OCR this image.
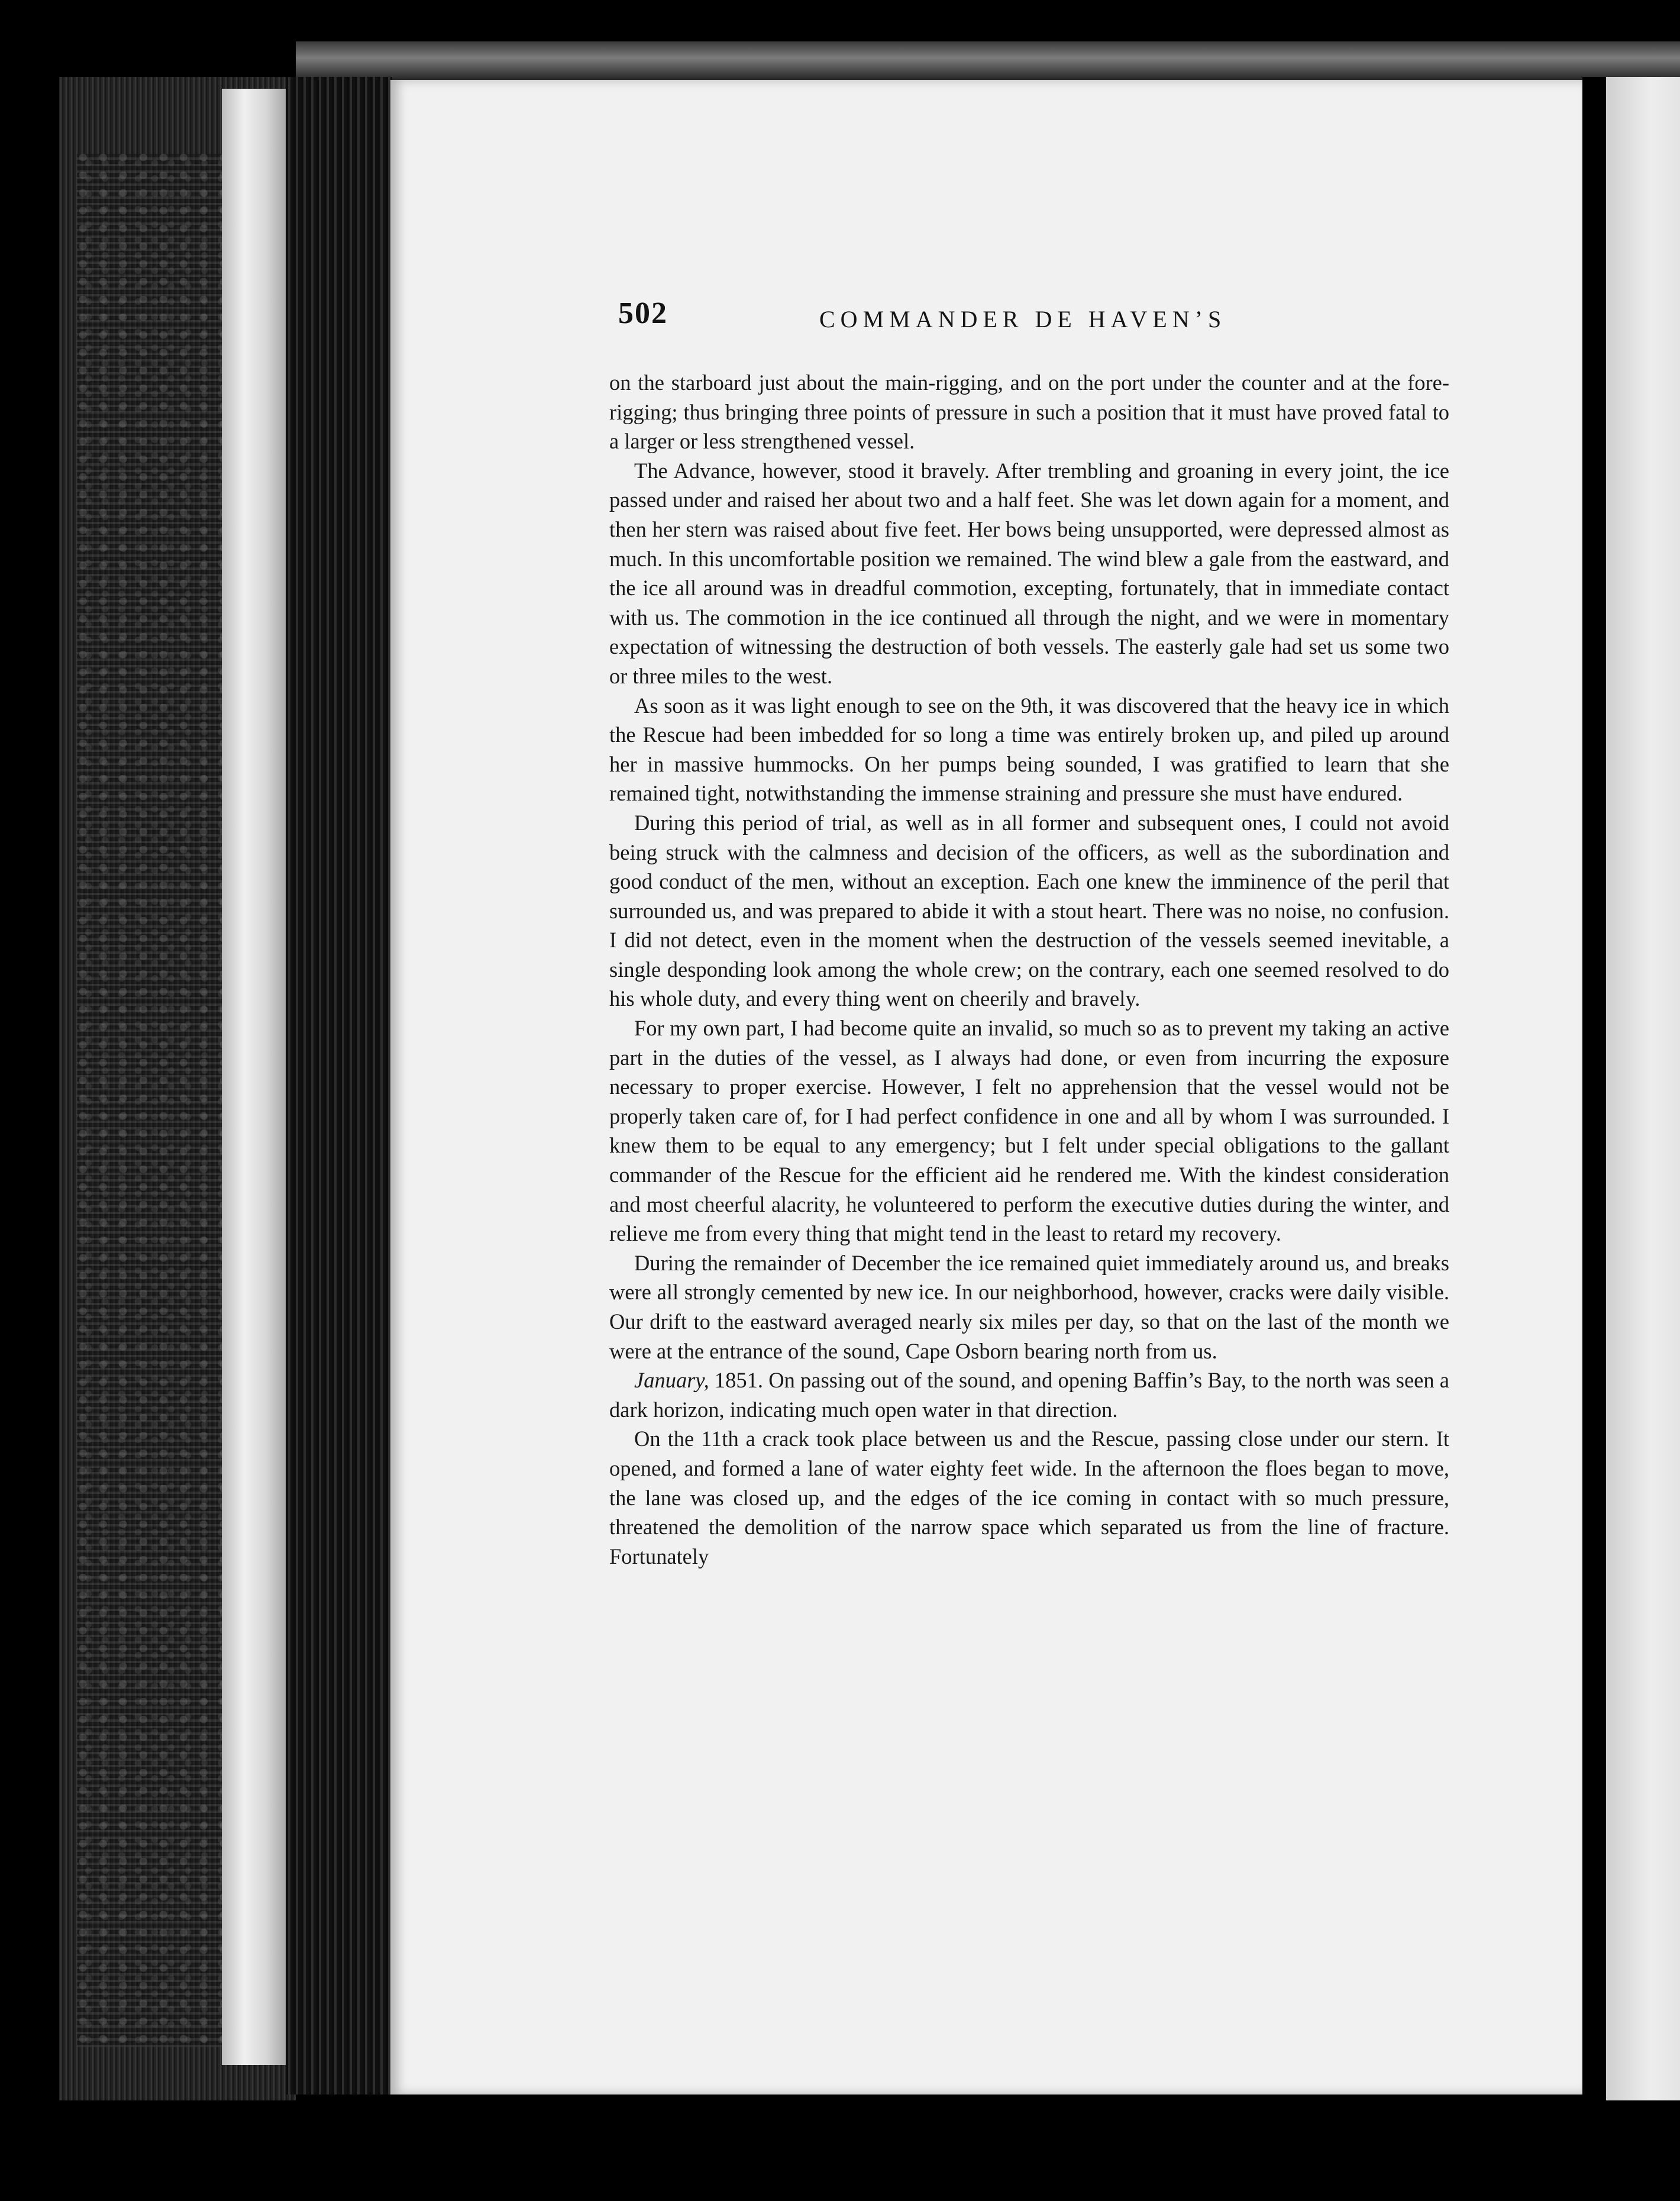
502	COMMANDER DE HAVEN’S

on the starboard just about the main-rigging, and on the port under the counter and at the fore-rigging; thus bringing three points of pressure in such a position that it must have proved fatal to a larger or less strengthened vessel.

The Advance, however, stood it bravely. After trembling and groaning in every joint, the ice passed under and raised her about two and a half feet. She was let down again for a moment, and then her stern was raised about five feet. Her bows being unsupported, were depressed almost as much. In this uncomfortable position we remained. The wind blew a gale from the eastward, and the ice all around was in dreadful commotion, excepting, fortunately, that in immediate contact with us. The commotion in the ice continued all through the night, and we were in momentary expectation of witnessing the destruction of both vessels. The easterly gale had set us some two or three miles to the west.

As soon as it was light enough to see on the 9th, it was discovered that the heavy ice in which the Rescue had been imbedded for so long a time was entirely broken up, and piled up around her in massive hummocks. On her pumps being sounded, I was gratified to learn that she remained tight, notwithstanding the immense straining and pressure she must have endured.

During this period of trial, as well as in all former and subsequent ones, I could not avoid being struck with the calmness and decision of the officers, as well as the subordination and good conduct of the men, without an exception. Each one knew the imminence of the peril that surrounded us, and was prepared to abide it with a stout heart. There was no noise, no confusion. I did not detect, even in the moment when the destruction of the vessels seemed inevitable, a single desponding look among the whole crew; on the contrary, each one seemed resolved to do his whole duty, and every thing went on cheerily and bravely.

For my own part, I had become quite an invalid, so much so as to prevent my taking an active part in the duties of the vessel, as I always had done, or even from incurring the exposure necessary to proper exercise. However, I felt no apprehension that the vessel would not be properly taken care of, for I had perfect confidence in one and all by whom I was surrounded. I knew them to be equal to any emergency; but I felt under special obligations to the gallant commander of the Rescue for the efficient aid he rendered me. With the kindest consideration and most cheerful alacrity, he volunteered to perform the executive duties during the winter, and relieve me from every thing that might tend in the least to retard my recovery.

During the remainder of December the ice remained quiet immediately around us, and breaks were all strongly cemented by new ice. In our neighborhood, however, cracks were daily visible. Our drift to the eastward averaged nearly six miles per day, so that on the last of the month we were at the entrance of the sound, Cape Osborn bearing north from us.

January, 1851. On passing out of the sound, and opening Baffin’s Bay, to the north was seen a dark horizon, indicating much open water in that direction.

On the 11th a crack took place between us and the Rescue, passing close under our stern. It opened, and formed a lane of water eighty feet wide. In the afternoon the floes began to move, the lane was closed up, and the edges of the ice coming in contact with so much pressure, threatened the demolition of the narrow space which separated us from the line of fracture. Fortunately
